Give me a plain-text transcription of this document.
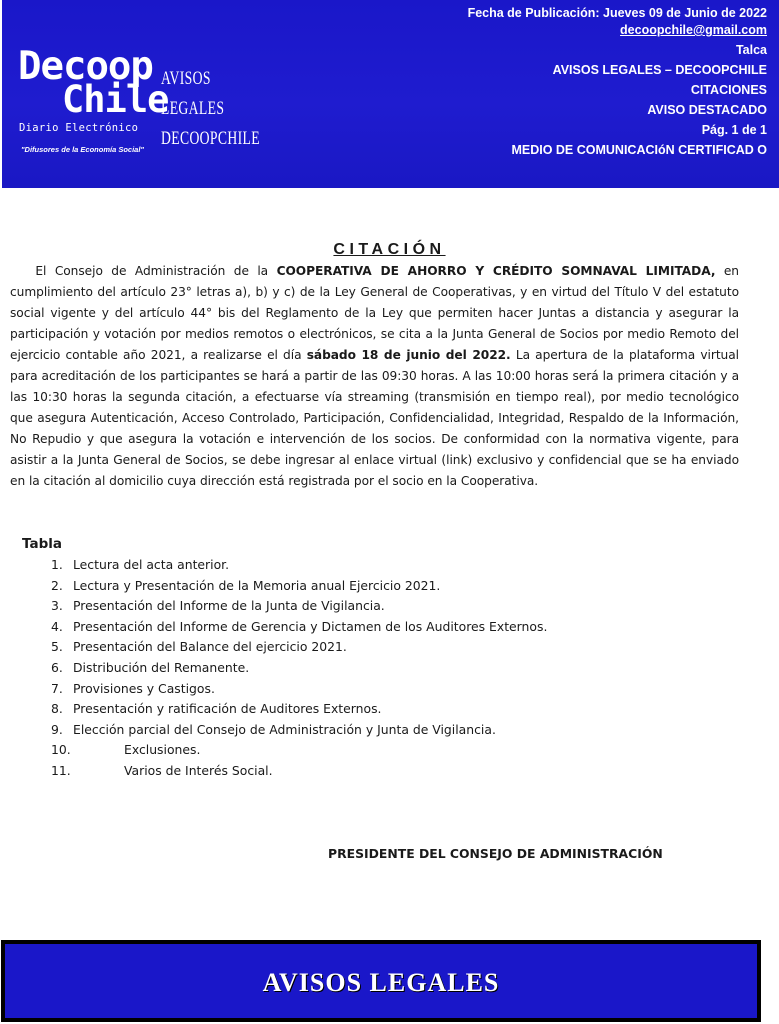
Decoop
Chile
Diario Electrónico
"Difusores de la Economía Social"
AVISOS
LEGALES
DECOOPCHILE
Fecha de Publicación: Jueves 09 de Junio de 2022
decoopchile@gmail.com
Talca
AVISOS LEGALES – DECOOPCHILE
CITACIONES
AVISO DESTACADO
Pág. 1 de 1
MEDIO DE COMUNICACIóN CERTIFICAD O
CITACIÓN
El Consejo de Administración de la COOPERATIVA DE AHORRO Y CRÉDITO SOMNAVAL LIMITADA, en cumplimiento del artículo 23° letras a), b) y c) de la Ley General de Cooperativas, y en virtud del Título V del estatuto social vigente y del artículo 44° bis del Reglamento de la Ley que permiten hacer Juntas a distancia y asegurar la participación y votación por medios remotos o electrónicos, se cita a la Junta General de Socios por medio Remoto del ejercicio contable año 2021, a realizarse el día sábado 18 de junio del 2022. La apertura de la plataforma virtual para acreditación de los participantes se hará a partir de las 09:30 horas. A las 10:00 horas será la primera citación y a las 10:30 horas la segunda citación, a efectuarse vía streaming (transmisión en tiempo real), por medio tecnológico que asegura Autenticación, Acceso Controlado, Participación, Confidencialidad, Integridad, Respaldo de la Información, No Repudio y que asegura la votación e intervención de los socios. De conformidad con la normativa vigente, para asistir a la Junta General de Socios, se debe ingresar al enlace virtual (link) exclusivo y confidencial que se ha enviado en la citación al domicilio cuya dirección está registrada por el socio en la Cooperativa.
Tabla
1. Lectura del acta anterior.
2. Lectura y Presentación de la Memoria anual Ejercicio 2021.
3. Presentación del Informe de la Junta de Vigilancia.
4. Presentación del Informe de Gerencia y Dictamen de los Auditores Externos.
5. Presentación del Balance del ejercicio 2021.
6. Distribución del Remanente.
7. Provisiones y Castigos.
8. Presentación y ratificación de Auditores Externos.
9. Elección parcial del Consejo de Administración y Junta de Vigilancia.
10.	Exclusiones.
11.	Varios de Interés Social.
PRESIDENTE DEL CONSEJO DE ADMINISTRACIÓN
AVISOS LEGALES
